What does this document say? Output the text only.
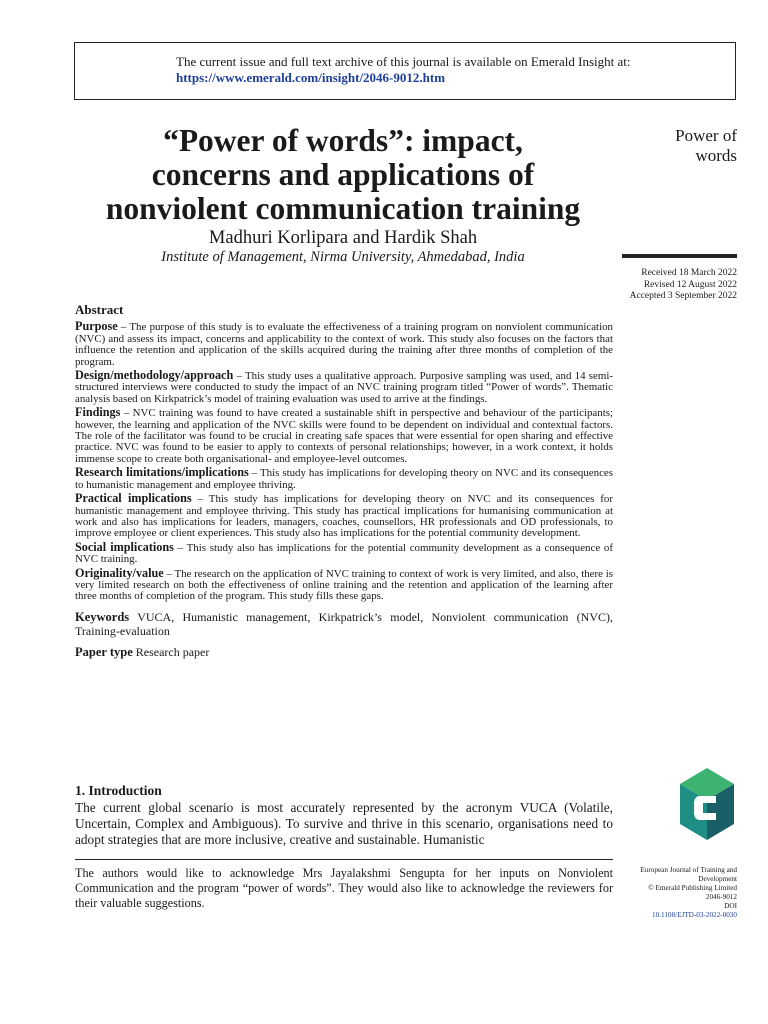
The current issue and full text archive of this journal is available on Emerald Insight at:
https://www.emerald.com/insight/2046-9012.htm
“Power of words”: impact,
concerns and applications of
nonviolent communication training
Madhuri Korlipara and Hardik Shah
Institute of Management, Nirma University, Ahmedabad, India
Power of
words
Received 18 March 2022
Revised 12 August 2022
Accepted 3 September 2022
Abstract

Purpose – The purpose of this study is to evaluate the effectiveness of a training program on nonviolent communication (NVC) and assess its impact, concerns and applicability to the context of work. This study also focuses on the factors that influence the retention and application of the skills acquired during the training after three months of completion of the program.

Design/methodology/approach – This study uses a qualitative approach. Purposive sampling was used, and 14 semi-structured interviews were conducted to study the impact of an NVC training program titled “Power of words”. Thematic analysis based on Kirkpatrick’s model of training evaluation was used to arrive at the findings.

Findings – NVC training was found to have created a sustainable shift in perspective and behaviour of the participants; however, the learning and application of the NVC skills were found to be dependent on individual and contextual factors. The role of the facilitator was found to be crucial in creating safe spaces that were essential for open sharing and effective practice. NVC was found to be easier to apply to contexts of personal relationships; however, in a work context, it holds immense scope to create both organisational- and employee-level outcomes.

Research limitations/implications – This study has implications for developing theory on NVC and its consequences to humanistic management and employee thriving.

Practical implications – This study has implications for developing theory on NVC and its consequences for humanistic management and employee thriving. This study has practical implications for humanising communication at work and also has implications for leaders, managers, coaches, counsellors, HR professionals and OD professionals, to improve employee or client experiences. This study also has implications for the potential community development.

Social implications – This study also has implications for the potential community development as a consequence of NVC training.

Originality/value – The research on the application of NVC training to context of work is very limited, and also, there is very limited research on both the effectiveness of online training and the retention and application of the learning after three months of completion of the program. This study fills these gaps.

Keywords VUCA, Humanistic management, Kirkpatrick’s model, Nonviolent communication (NVC), Training-evaluation
Paper type Research paper
1. Introduction
The current global scenario is most accurately represented by the acronym VUCA (Volatile, Uncertain, Complex and Ambiguous). To survive and thrive in this scenario, organisations need to adopt strategies that are more inclusive, creative and sustainable. Humanistic
The authors would like to acknowledge Mrs Jayalakshmi Sengupta for her inputs on Nonviolent Communication and the program “power of words”. They would also like to acknowledge the reviewers for their valuable suggestions.
European Journal of Training and
Development
© Emerald Publishing Limited
2046-9012
DOI
10.1108/EJTD-03-2022-0030
